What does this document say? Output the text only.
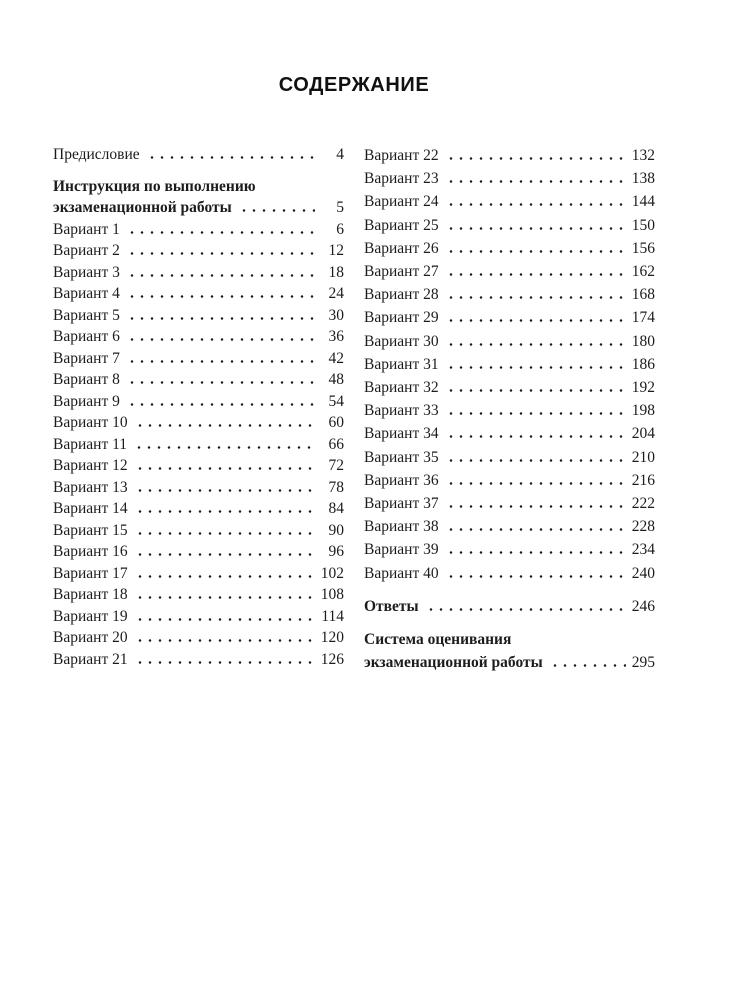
СОДЕРЖАНИЕ
Предисловие	4
Инструкция по выполнению
экзаменационной работы	5
Вариант 1	6
Вариант 2	12
Вариант 3	18
Вариант 4	24
Вариант 5	30
Вариант 6	36
Вариант 7	42
Вариант 8	48
Вариант 9	54
Вариант 10	60
Вариант 11	66
Вариант 12	72
Вариант 13	78
Вариант 14	84
Вариант 15	90
Вариант 16	96
Вариант 17	102
Вариант 18	108
Вариант 19	114
Вариант 20	120
Вариант 21	126
Вариант 22	132
Вариант 23	138
Вариант 24	144
Вариант 25	150
Вариант 26	156
Вариант 27	162
Вариант 28	168
Вариант 29	174
Вариант 30	180
Вариант 31	186
Вариант 32	192
Вариант 33	198
Вариант 34	204
Вариант 35	210
Вариант 36	216
Вариант 37	222
Вариант 38	228
Вариант 39	234
Вариант 40	240
Ответы	246
Система оценивания
экзаменационной работы	295
